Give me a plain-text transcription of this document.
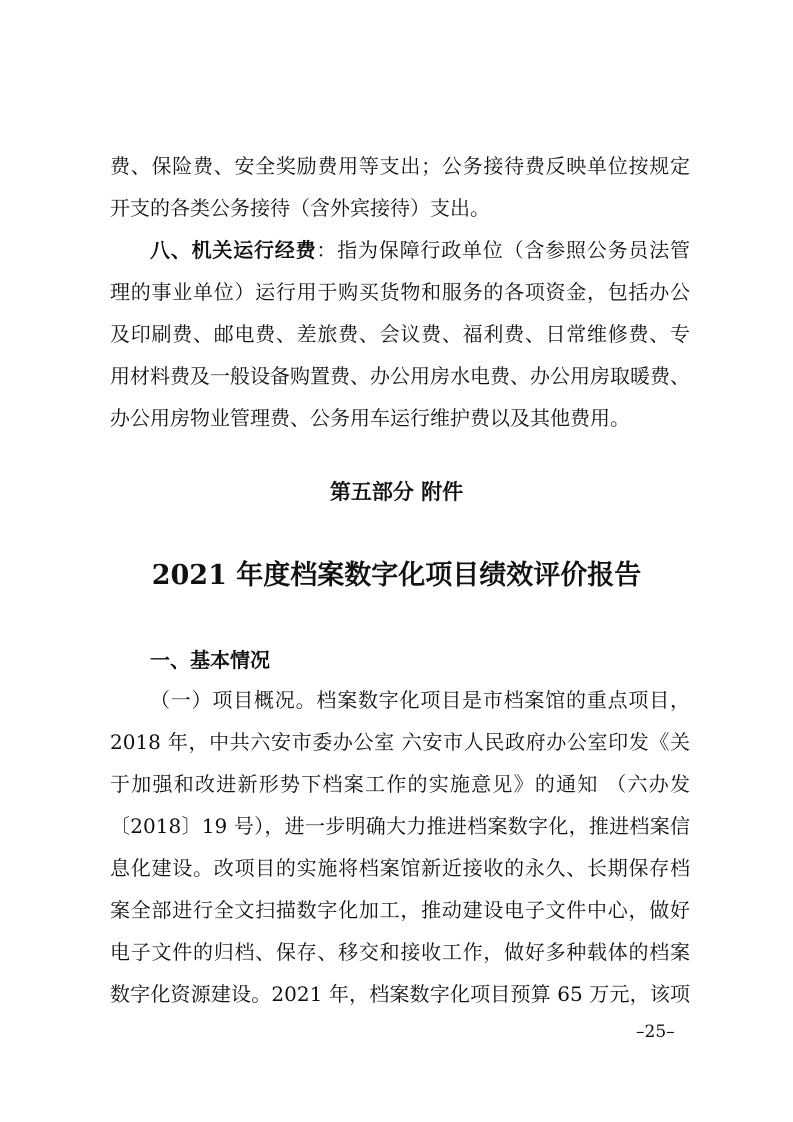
费、保险费、安全奖励费用等支出；公务接待费反映单位按规定
开支的各类公务接待（含外宾接待）支出。
八、机关运行经费：指为保障行政单位（含参照公务员法管
理的事业单位）运行用于购买货物和服务的各项资金，包括办公
及印刷费、邮电费、差旅费、会议费、福利费、日常维修费、专
用材料费及一般设备购置费、办公用房水电费、办公用房取暖费、
办公用房物业管理费、公务用车运行维护费以及其他费用。
第五部分 附件
2021 年度档案数字化项目绩效评价报告
一、基本情况
（一）项目概况。档案数字化项目是市档案馆的重点项目，
2018 年，中共六安市委办公室 六安市人民政府办公室印发《关
于加强和改进新形势下档案工作的实施意见》的通知 （六办发
〔2018〕19 号），进一步明确大力推进档案数字化，推进档案信
息化建设。改项目的实施将档案馆新近接收的永久、长期保存档
案全部进行全文扫描数字化加工，推动建设电子文件中心，做好
电子文件的归档、保存、移交和接收工作，做好多种载体的档案
数字化资源建设。2021 年，档案数字化项目预算 65 万元，该项
–25–
